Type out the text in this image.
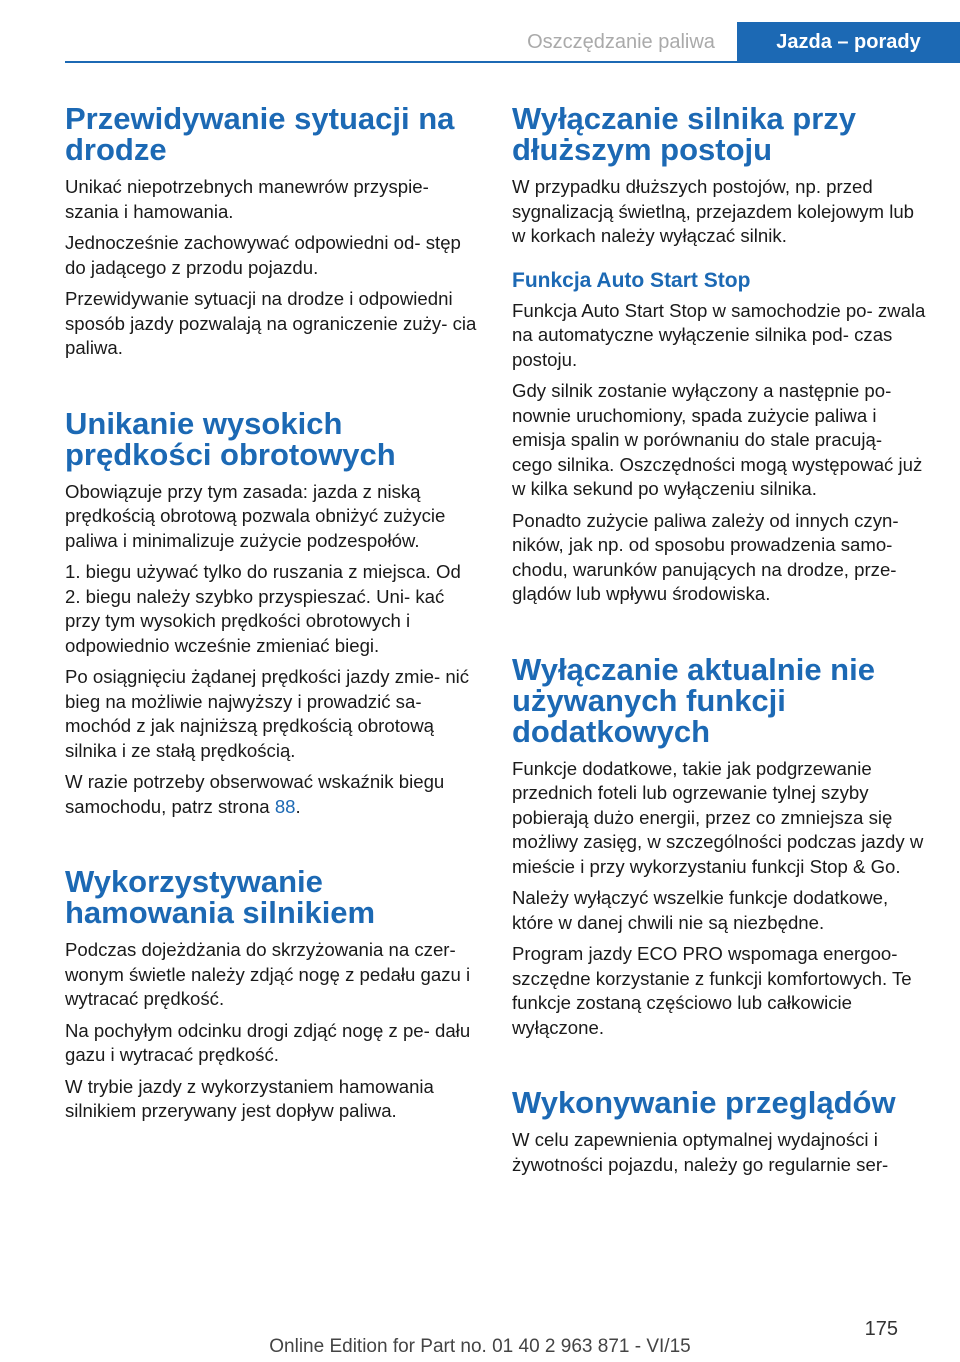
Oszczędzanie paliwa	Jazda – porady
Przewidywanie sytuacji na drodze

Unikać niepotrzebnych manewrów przyspie‐ szania i hamowania.

Jednocześnie zachowywać odpowiedni od‐ stęp do jadącego z przodu pojazdu.

Przewidywanie sytuacji na drodze i odpowiedni sposób jazdy pozwalają na ograniczenie zuży‐ cia paliwa.

Unikanie wysokich prędkości obrotowych

Obowiązuje przy tym zasada: jazda z niską prędkością obrotową pozwala obniżyć zużycie paliwa i minimalizuje zużycie podzespołów.

1. biegu używać tylko do ruszania z miejsca. Od 2. biegu należy szybko przyspieszać. Uni‐ kać przy tym wysokich prędkości obrotowych i odpowiednio wcześnie zmieniać biegi.

Po osiągnięciu żądanej prędkości jazdy zmie‐ nić bieg na możliwie najwyższy i prowadzić sa‐ mochód z jak najniższą prędkością obrotową silnika i ze stałą prędkością.

W razie potrzeby obserwować wskaźnik biegu samochodu, patrz strona 88.

Wykorzystywanie hamowania silnikiem

Podczas dojeżdżania do skrzyżowania na czer‐ wonym świetle należy zdjąć nogę z pedału gazu i wytracać prędkość.

Na pochyłym odcinku drogi zdjąć nogę z pe‐ dału gazu i wytracać prędkość.

W trybie jazdy z wykorzystaniem hamowania silnikiem przerywany jest dopływ paliwa.

Wyłączanie silnika przy dłuższym postoju

W przypadku dłuższych postojów, np. przed sygnalizacją świetlną, przejazdem kolejowym lub w korkach należy wyłączać silnik.

Funkcja Auto Start Stop

Funkcja Auto Start Stop w samochodzie po‐ zwala na automatyczne wyłączenie silnika pod‐ czas postoju.

Gdy silnik zostanie wyłączony a następnie po‐ nownie uruchomiony, spada zużycie paliwa i emisja spalin w porównaniu do stale pracują‐ cego silnika. Oszczędności mogą występować już w kilka sekund po wyłączeniu silnika.

Ponadto zużycie paliwa zależy od innych czyn‐ ników, jak np. od sposobu prowadzenia samo‐ chodu, warunków panujących na drodze, prze‐ glądów lub wpływu środowiska.

Wyłączanie aktualnie nie używanych funkcji dodatkowych

Funkcje dodatkowe, takie jak podgrzewanie przednich foteli lub ogrzewanie tylnej szyby pobierają dużo energii, przez co zmniejsza się możliwy zasięg, w szczególności podczas jazdy w mieście i przy wykorzystaniu funkcji Stop & Go.

Należy wyłączyć wszelkie funkcje dodatkowe, które w danej chwili nie są niezbędne.

Program jazdy ECO PRO wspomaga energoo‐ szczędne korzystanie z funkcji komfortowych. Te funkcje zostaną częściowo lub całkowicie wyłączone.

Wykonywanie przeglądów

W celu zapewnienia optymalnej wydajności i żywotności pojazdu, należy go regularnie ser‐

175
Online Edition for Part no. 01 40 2 963 871 - VI/15
